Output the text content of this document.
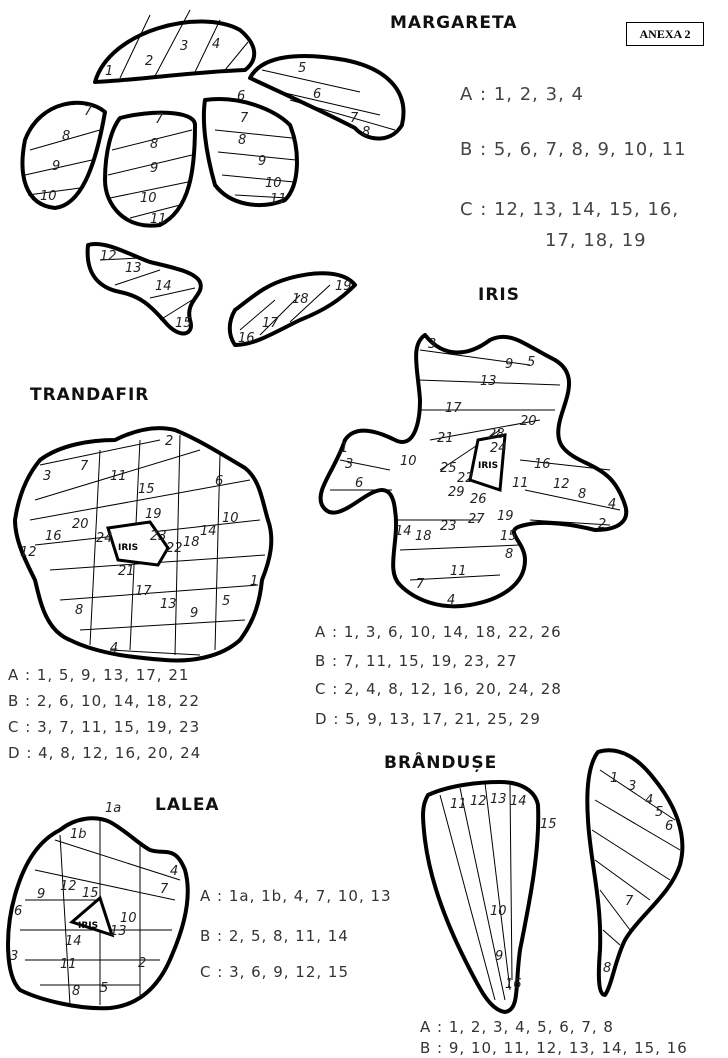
ANEXA 2
1
2
3 4
5
6
6
7
8
7
8
9
10
7
8
9
10
11
7
8
9
10
11
12
13
14
15
16
17
18
19
MARGARETA
A : 1, 2, 3, 4
B : 5, 6, 7, 8, 9, 10, 11
C : 12, 13, 14, 15, 16,
17, 18, 19
3
13
9 5
17
21
20
28
24
1
3
6
10 25
22
29 26
11
16
12
8
4
2
14 18
23 27 19
15
8
11
7
4
IRIS
IRIS
A : 1, 3, 6, 10, 14, 18, 22, 26
B : 7, 11, 15, 19, 23, 27
C : 2, 4, 8, 12, 16, 20, 24, 28
D : 5, 9, 13, 17, 21, 25, 29
2
3
7
11
15
6
19
14
10
16
20
24	23
12	22 18
21
17
13
9
5
1
8
4
IRIS
TRANDAFIR
A : 1, 5, 9, 13, 17, 21
B : 2, 6, 10, 14, 18, 22
C : 3, 7, 11, 15, 19, 23
D : 4, 8, 12, 16, 20, 24
1b
4
7
9
12 15
6	10
13
14
3
11	2
8 5
1a
IRIS
LALEA
A : 1a, 1b, 4, 7, 10, 13
B : 2, 5, 8, 11, 14
C : 3, 6, 9, 12, 15
11 12 13 14
15
10
9
16
1
3
4
5
6
7
8
BRÂNDUȘE
A : 1, 2, 3, 4, 5, 6, 7, 8
B : 9, 10, 11, 12, 13, 14, 15, 16
